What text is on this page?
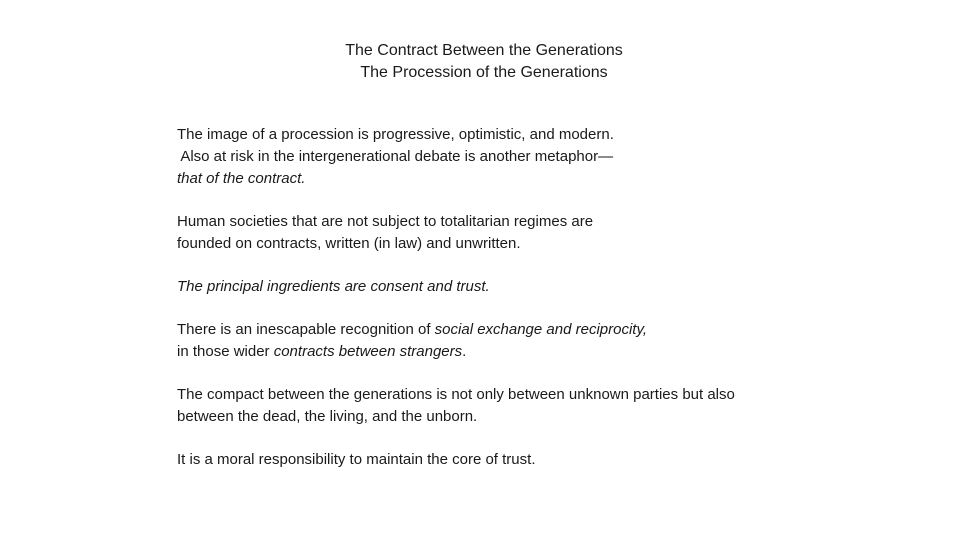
The Contract Between the Generations
The Procession of the Generations

The image of a procession is progressive, optimistic, and modern.
Also at risk in the intergenerational debate is another metaphor—
that of the contract.

Human societies that are not subject to totalitarian regimes are
founded on contracts, written (in law) and unwritten.

The principal ingredients are consent and trust.

There is an inescapable recognition of social exchange and reciprocity,
in those wider contracts between strangers.

The compact between the generations is not only between unknown parties but also
between the dead, the living, and the unborn.

It is a moral responsibility to maintain the core of trust.
